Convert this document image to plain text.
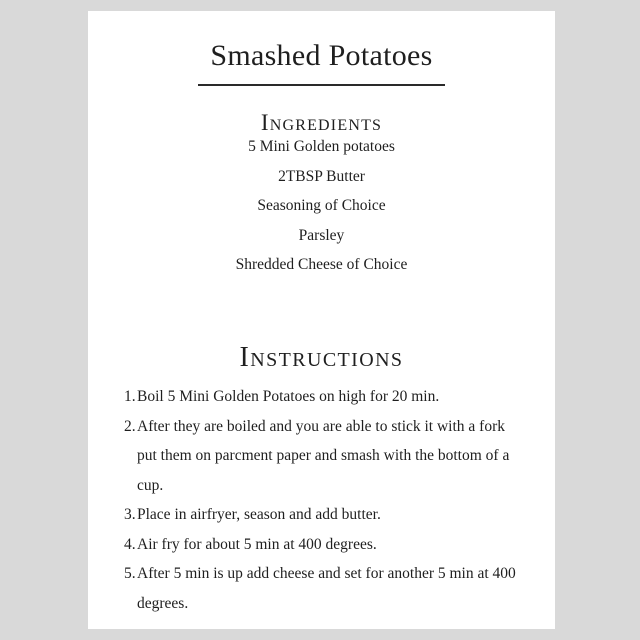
Smashed Potatoes
Ingredients
5 Mini Golden potatoes
2TBSP Butter
Seasoning of Choice
Parsley
Shredded Cheese of Choice
Instructions
1. Boil 5 Mini Golden Potatoes on high for 20 min.
2. After they are boiled and you are able to stick it with a fork put them on parcment paper and smash with the bottom of a cup.
3. Place in airfryer, season and add butter.
4. Air fry for about 5 min at 400 degrees.
5. After 5 min is up add cheese and set for another 5 min at 400 degrees.
